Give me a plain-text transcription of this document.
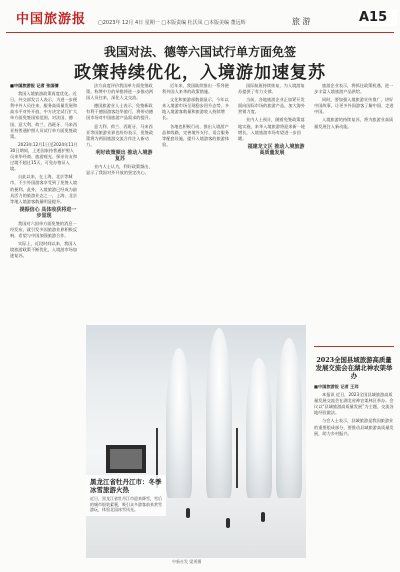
中国旅游报 □2023年 12月 4日 星期一 □本版责编 杜沃凤 □本版美编 董远辉	旅 游	A15
我国对法、德等六国试行单方面免签
政策持续优化，入境游加速复苏

■中国旅游报 记者 张国倩

我国入境旅游政策再度优化。近日，外交部发言人表示，为进一步便利中外人员往来，服务高质量发展和高水平对外开放，中方决定试行扩大单方面免签国家范围，对法国、德国、意大利、荷兰、西班牙、马来西亚持普通护照人员试行单方面免签政策。

2023年12月1日至2024年11月30日期间，上述国家持普通护照人员来华经商、旅游观光、探亲访友和过境不超过15天，可免办签证入境。

自此以来，在上海、北京等城市，不少外国游客享受到了免签入境的便利。此外，入境旅游已经成为最具活力的旅游业态之一，上海、北京等地入境游客数量明显提升。

提振信心 具体收获将进一步显现

我国对六国单方面免签的消息一经发布，就引发多国旅游业界积极反响，希望与中国加强旅游合作。

实际上，近段时间以来，我国入境旅游政策不断优化，入境游市场加速复苏。

法方高度评价我国单方面免签政策，称赞中方的举措将进一步推动两国人员往来，深化人文交流。

德国旅游业人士表示，免签新政有利于德国游客赴华旅行，将带动德国市场对中国旅游产品需求的提升。

意大利、荷兰、西班牙、马来西亚等国旅游业界也纷纷表示，免签政策将为两国旅游交流合作注入新动力。

利好政策频出 推动入境游复苏

业内人士认为，利好政策频出，显示了我国对外开放的坚定决心。

近年来，我国陆续推出一系列便利外国人来华的政策措施。

文化和旅游部数据显示，今年以来入境游市场呈现稳步回升态势，多地入境游客数量和旅游收入持续增长。

各地也积极行动，推出入境游产品和线路，完善境外支付、语言服务等配套设施，提升入境游客的旅游体验。

国际航班持续恢复，为入境游复苏提供了有力支撑。

当前，各地旅游企业正加紧开发面向国际市场的旅游产品，加大海外营销力度。

业内人士预计，随着免签政策落地实施，来华入境旅游将迎来新一轮增长，入境旅游市场有望进一步回暖。

福建龙文区 推动入境旅游高质量发展

旅游企业表示，将抓住政策机遇，进一步丰富入境旅游产品供给。

同时，要加强入境旅游宣传推广，讲好中国故事，让更多外国游客了解中国、走进中国。

入境旅游的持续复苏，将为旅游业高质量发展注入新动能。

黑龙江省牡丹江市：冬季冰雪旅游火热
近日，黑龙江省牡丹江市迎来降雪，雪后的城市银装素裹，吸引众多游客前来赏雪游玩，体验北国冰雪风光。
中新社发 梁勇摄
2023全国县域旅游高质量发展交流会在湖北神农架举办

■中国旅游报 记者 王玮

本报讯 近日，2023全国县域旅游高质量发展交流会在湖北省神农架林区举办。会议以“县域旅游高质量发展”为主题，交流各地经验做法。

与会人士表示，县域旅游是我国旅游业的重要组成部分，要推动县域旅游高质量发展，助力乡村振兴。
